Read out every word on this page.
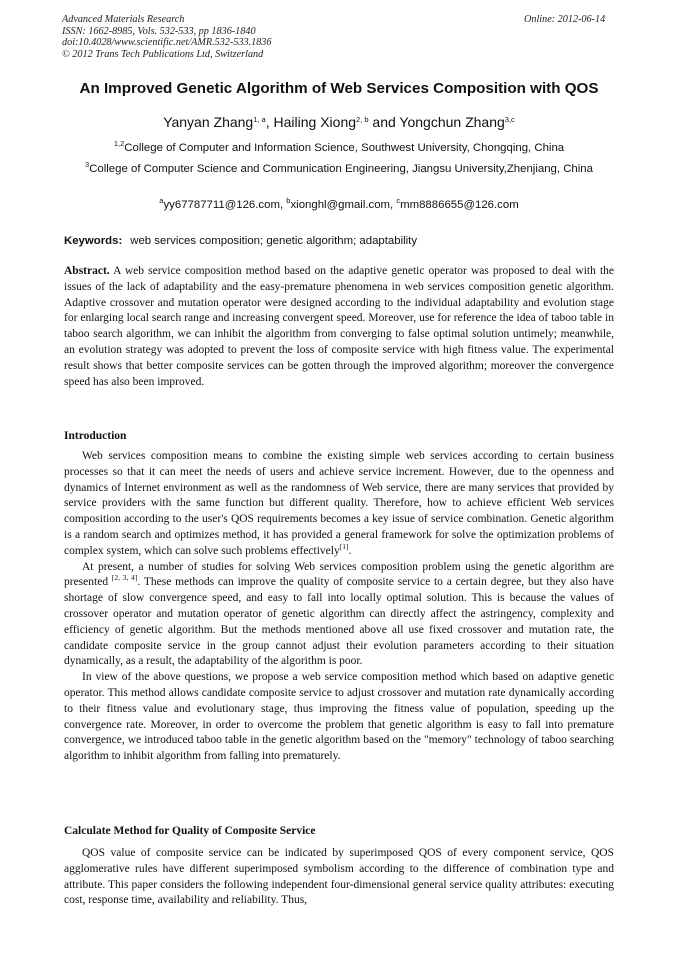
Advanced Materials Research
ISSN: 1662-8985, Vols. 532-533, pp 1836-1840
doi:10.4028/www.scientific.net/AMR.532-533.1836
© 2012 Trans Tech Publications Ltd, Switzerland
Online: 2012-06-14
An Improved Genetic Algorithm of Web Services Composition with QOS
Yanyan Zhang$^{1, a}$, Hailing Xiong$^{2, b}$ and Yongchun Zhang$^{3,c}$
$^{1,2}$College of Computer and Information Science, Southwest University, Chongqing, China
$^3$College of Computer Science and Communication Engineering, Jiangsu University,Zhenjiang, China
$^a$yy67787711@126.com, $^b$xionghl@gmail.com, $^c$mm8886655@126.com
Keywords: web services composition; genetic algorithm; adaptability

Abstract. A web service composition method based on the adaptive genetic operator was proposed to deal with the issues of the lack of adaptability and the easy-premature phenomena in web services composition genetic algorithm. Adaptive crossover and mutation operator were designed according to the individual adaptability and evolution stage for enlarging local search range and increasing convergent speed. Moreover, use for reference the idea of taboo table in taboo search algorithm, we can inhibit the algorithm from converging to false optimal solution untimely; meanwhile, an evolution strategy was adopted to prevent the loss of composite service with high fitness value. The experimental result shows that better composite services can be gotten through the improved algorithm; moreover the convergence speed has also been improved.

Introduction

Web services composition means to combine the existing simple web services according to certain business processes so that it can meet the needs of users and achieve service increment. However, due to the openness and dynamics of Internet environment as well as the randomness of Web service, there are many services that provided by service providers with the same function but different quality. Therefore, how to achieve efficient Web services composition according to the user's QOS requirements becomes a key issue of service combination. Genetic algorithm is a random search and optimizes method, it has provided a general framework for solve the optimization problems of complex system, which can solve such problems effectively[1].

At present, a number of studies for solving Web services composition problem using the genetic algorithm are presented [2, 3, 4]. These methods can improve the quality of composite service to a certain degree, but they also have shortage of slow convergence speed, and easy to fall into locally optimal solution. This is because the values of crossover operator and mutation operator of genetic algorithm can directly affect the astringency, complexity and efficiency of genetic algorithm. But the methods mentioned above all use fixed crossover and mutation rate, the candidate composite service in the group cannot adjust their evolution parameters according to their situation dynamically, as a result, the adaptability of the algorithm is poor.

In view of the above questions, we propose a web service composition method which based on adaptive genetic operator. This method allows candidate composite service to adjust crossover and mutation rate dynamically according to their fitness value and evolutionary stage, thus improving the fitness value of population, speeding up the convergence rate. Moreover, in order to overcome the problem that genetic algorithm is easy to fall into premature convergence, we introduced taboo table in the genetic algorithm based on the "memory" technology of taboo searching algorithm to inhibit algorithm from falling into prematurely.

Calculate Method for Quality of Composite Service

QOS value of composite service can be indicated by superimposed QOS of every component service, QOS agglomerative rules have different superimposed symbolism according to the difference of combination type and attribute. This paper considers the following independent four-dimensional general service quality attributes: executing cost, response time, availability and reliability. Thus,
